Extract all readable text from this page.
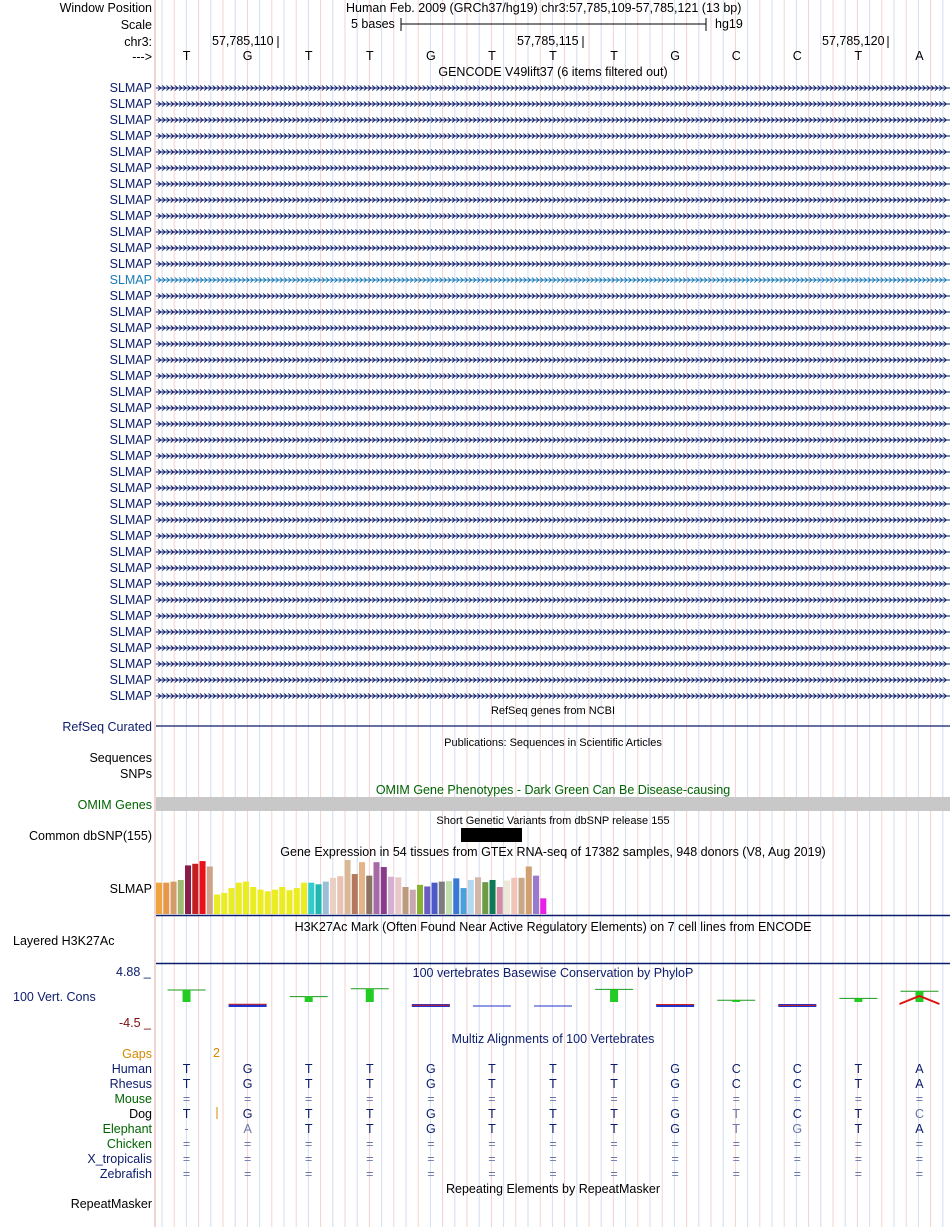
Window Position	Human Feb. 2009 (GRCh37/hg19) chr3:57,785,109-57,785,121 (13 bp)
Scale	5 bases	hg19
chr3:	57,785,110	57,785,115	57,785,120
--->	T	G	T	T	G	T	T	T	G	C	C	T	A
GENCODE V49lift37 (6 items filtered out)
SLMAP
SLMAP
SLMAP
SLMAP
SLMAP
SLMAP
SLMAP
SLMAP
SLMAP
SLMAP
SLMAP
SLMAP
SLMAP
SLMAP
SLMAP
SLMAP
SLMAP
SLMAP
SLMAP
SLMAP
SLMAP
SLMAP
SLMAP
SLMAP
SLMAP
SLMAP
SLMAP
SLMAP
SLMAP
SLMAP
SLMAP
SLMAP
SLMAP
SLMAP
SLMAP
SLMAP
SLMAP
SLMAP
SLMAP
RefSeq genes from NCBI
RefSeq Curated
Publications: Sequences in Scientific Articles
Sequences
SNPs
OMIM Gene Phenotypes - Dark Green Can Be Disease-causing
OMIM Genes
Short Genetic Variants from dbSNP release 155
Common dbSNP(155)
Gene Expression in 54 tissues from GTEx RNA-seq of 17382 samples, 948 donors (V8, Aug 2019)
SLMAP
H3K27Ac Mark (Often Found Near Active Regulatory Elements) on 7 cell lines from ENCODE
Layered H3K27Ac
4.88 _	100 vertebrates Basewise Conservation by PhyloP
100 Vert. Cons
-4.5 _
Multiz Alignments of 100 Vertebrates
Gaps	2
Human	T	G	T	T	G	T	T	T	G	C	C	T	A
Rhesus	T	G	T	T	G	T	T	T	G	C	C	T	A
Mouse	=	=	=	=	=	=	=	=	=	=	=	=	=
Dog	T	G	T	T	G	T	T	T	G	T	C	T	C
Elephant	-	A	T	T	G	T	T	T	G	T	G	T	A
Chicken	=	=	=	=	=	=	=	=	=	=	=	=	=
X_tropicalis	=	=	=	=	=	=	=	=	=	=	=	=	=
Zebrafish	=	=	=	=	=	=	=	=	=	=	=	=	=
Repeating Elements by RepeatMasker
RepeatMasker
